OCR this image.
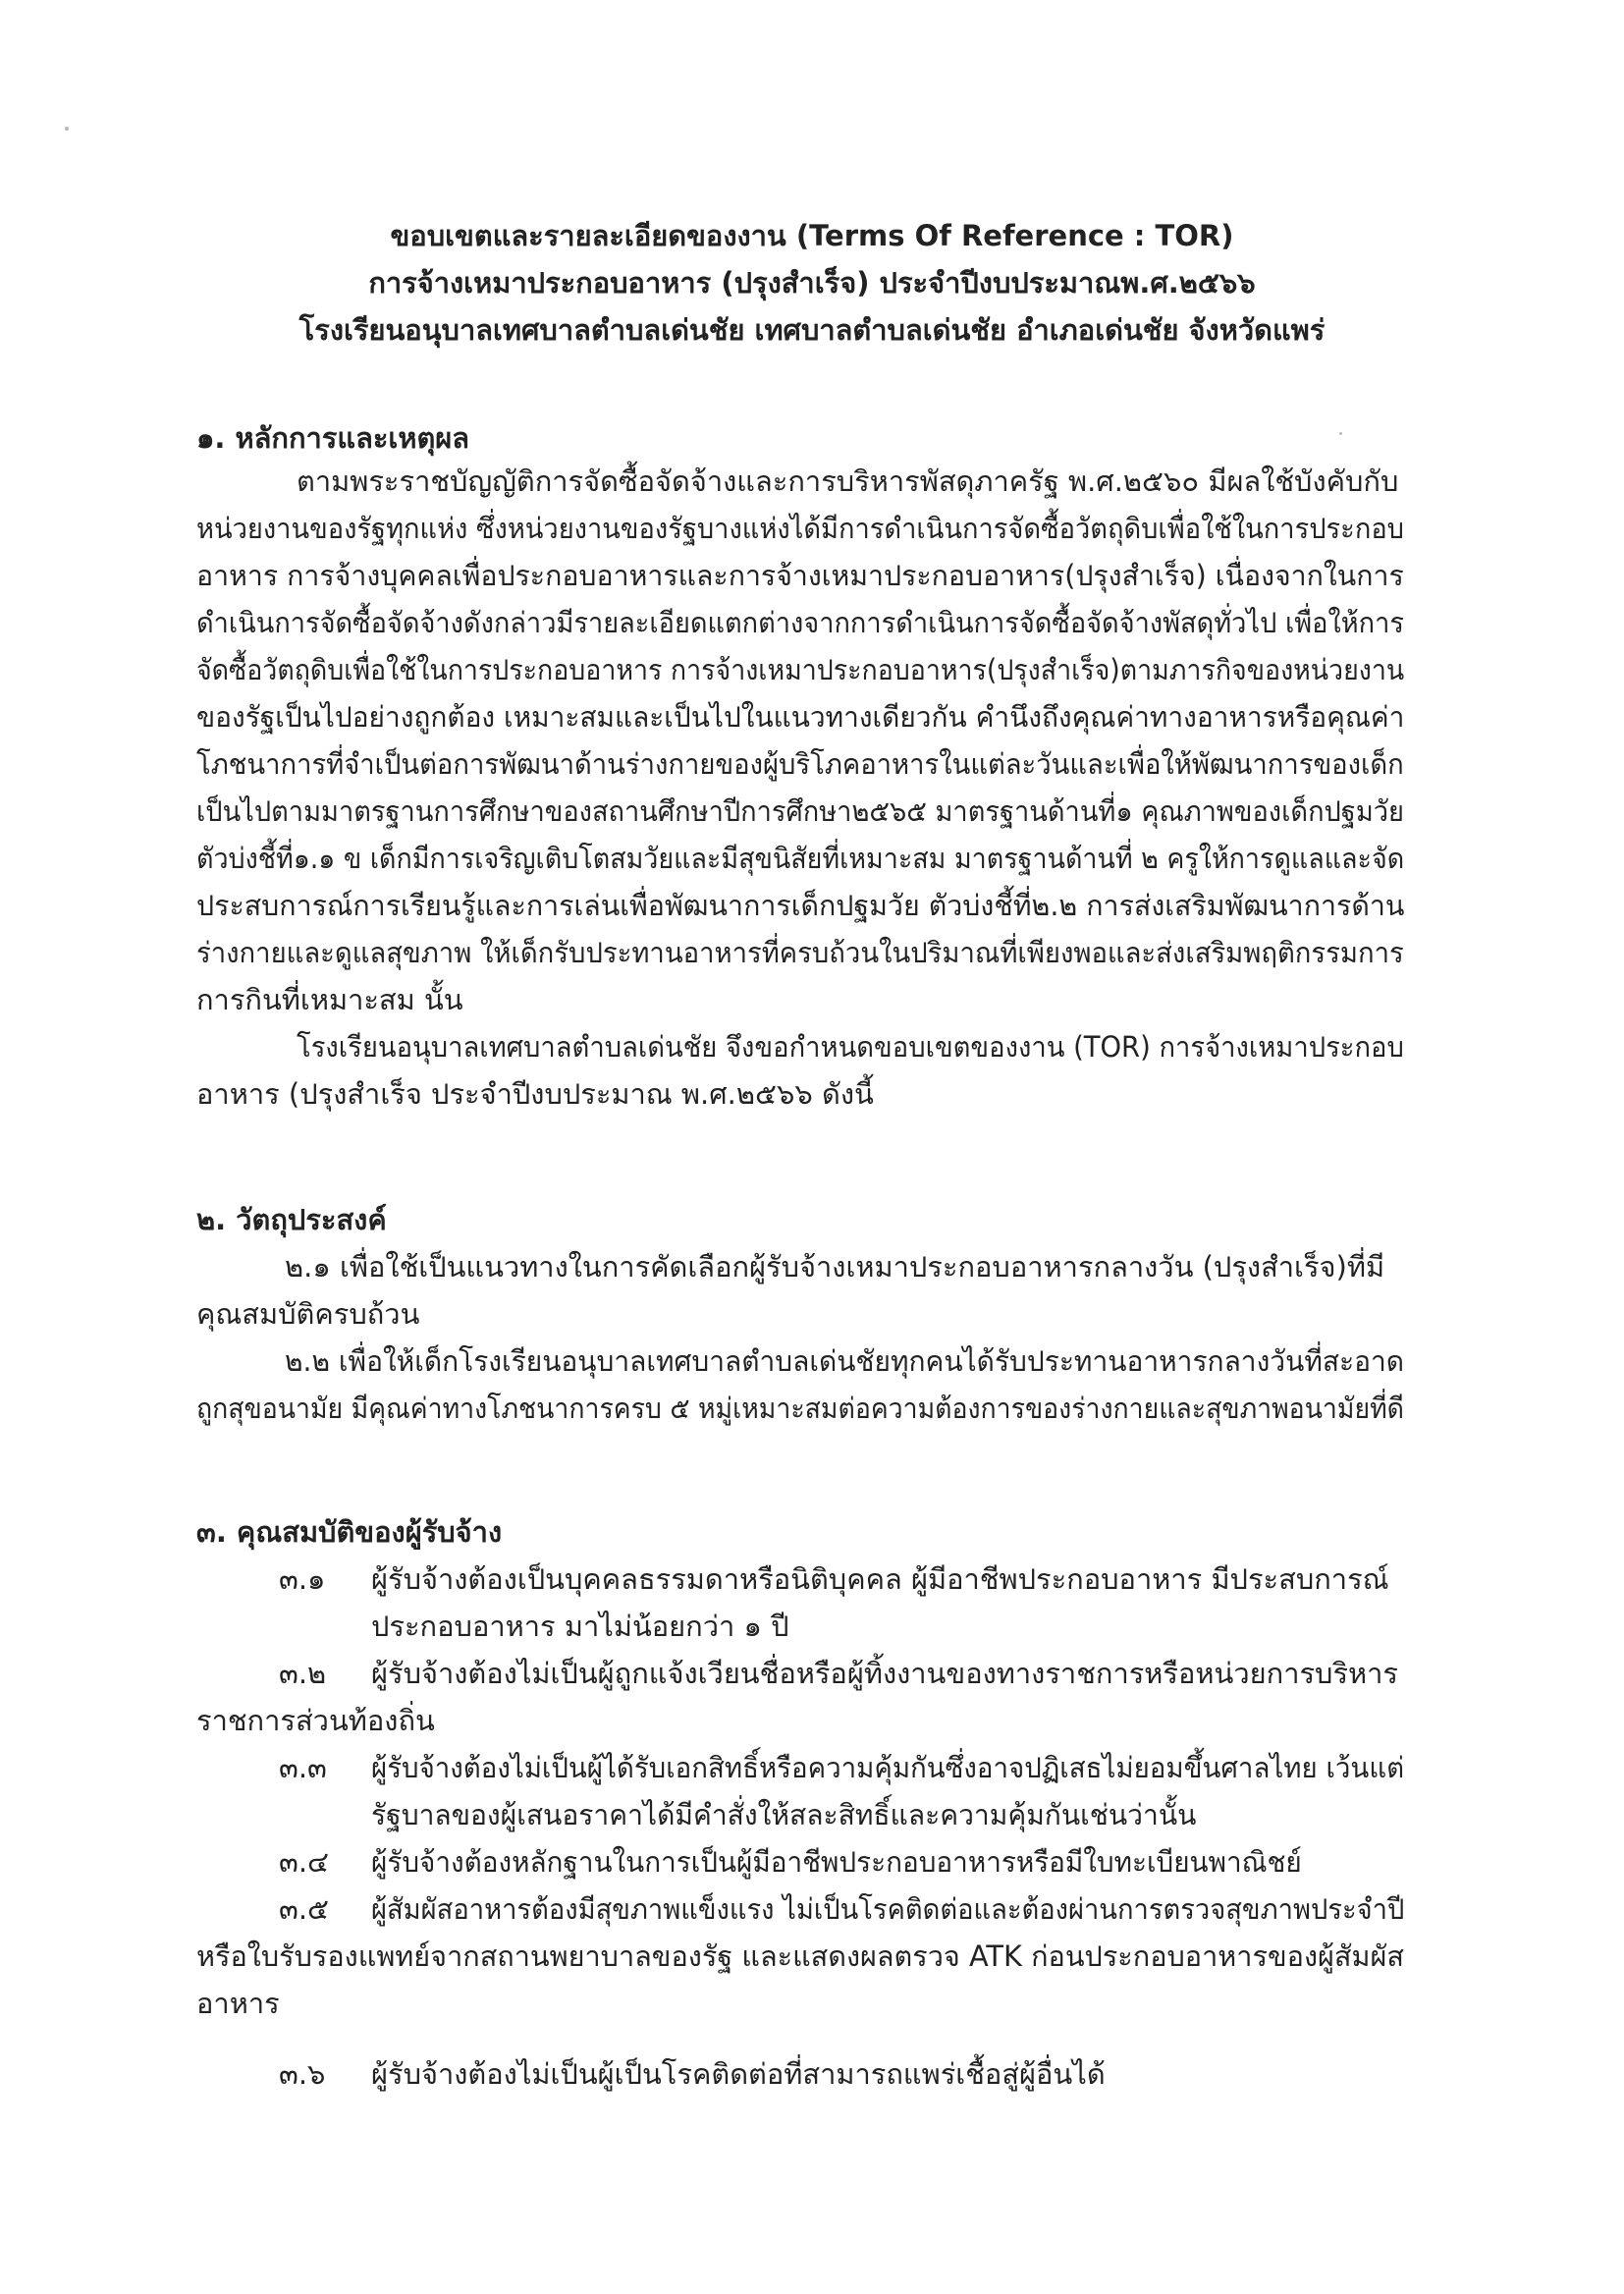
ขอบเขตและรายละเอียดของงาน (Terms Of Reference : TOR)
การจ้างเหมาประกอบอาหาร (ปรุงสำเร็จ) ประจำปีงบประมาณพ.ศ.๒๕๖๖
โรงเรียนอนุบาลเทศบาลตำบลเด่นชัย เทศบาลตำบลเด่นชัย อำเภอเด่นชัย จังหวัดแพร่
๑. หลักการและเหตุผล
ตามพระราชบัญญัติการจัดซื้อจัดจ้างและการบริหารพัสดุภาครัฐ พ.ศ.๒๕๖๐ มีผลใช้บังคับกับ
หน่วยงานของรัฐทุกแห่ง ซึ่งหน่วยงานของรัฐบางแห่งได้มีการดำเนินการจัดซื้อวัตถุดิบเพื่อใช้ในการประกอบ
อาหาร การจ้างบุคคลเพื่อประกอบอาหารและการจ้างเหมาประกอบอาหาร(ปรุงสำเร็จ) เนื่องจากในการ
ดำเนินการจัดซื้อจัดจ้างดังกล่าวมีรายละเอียดแตกต่างจากการดำเนินการจัดซื้อจัดจ้างพัสดุทั่วไป เพื่อให้การ
จัดซื้อวัตถุดิบเพื่อใช้ในการประกอบอาหาร การจ้างเหมาประกอบอาหาร(ปรุงสำเร็จ)ตามภารกิจของหน่วยงาน
ของรัฐเป็นไปอย่างถูกต้อง เหมาะสมและเป็นไปในแนวทางเดียวกัน คำนึงถึงคุณค่าทางอาหารหรือคุณค่า
โภชนาการที่จำเป็นต่อการพัฒนาด้านร่างกายของผู้บริโภคอาหารในแต่ละวันและเพื่อให้พัฒนาการของเด็ก
เป็นไปตามมาตรฐานการศึกษาของสถานศึกษาปีการศึกษา๒๕๖๕ มาตรฐานด้านที่๑ คุณภาพของเด็กปฐมวัย
ตัวบ่งชี้ที่๑.๑ ข เด็กมีการเจริญเติบโตสมวัยและมีสุขนิสัยที่เหมาะสม มาตรฐานด้านที่ ๒ ครูให้การดูแลและจัด
ประสบการณ์การเรียนรู้และการเล่นเพื่อพัฒนาการเด็กปฐมวัย ตัวบ่งชี้ที่๒.๒ การส่งเสริมพัฒนาการด้าน
ร่างกายและดูแลสุขภาพ ให้เด็กรับประทานอาหารที่ครบถ้วนในปริมาณที่เพียงพอและส่งเสริมพฤติกรรมการ
การกินที่เหมาะสม นั้น
โรงเรียนอนุบาลเทศบาลตำบลเด่นชัย จึงขอกำหนดขอบเขตของงาน (TOR) การจ้างเหมาประกอบ
อาหาร (ปรุงสำเร็จ ประจำปีงบประมาณ พ.ศ.๒๕๖๖ ดังนี้
๒. วัตถุประสงค์
๒.๑ เพื่อใช้เป็นแนวทางในการคัดเลือกผู้รับจ้างเหมาประกอบอาหารกลางวัน (ปรุงสำเร็จ)ที่มี
คุณสมบัติครบถ้วน
๒.๒ เพื่อให้เด็กโรงเรียนอนุบาลเทศบาลตำบลเด่นชัยทุกคนได้รับประทานอาหารกลางวันที่สะอาด
ถูกสุขอนามัย มีคุณค่าทางโภชนาการครบ ๕ หมู่เหมาะสมต่อความต้องการของร่างกายและสุขภาพอนามัยที่ดี
๓. คุณสมบัติของผู้รับจ้าง
๓.๑ ผู้รับจ้างต้องเป็นบุคคลธรรมดาหรือนิติบุคคล ผู้มีอาชีพประกอบอาหาร มีประสบการณ์
ประกอบอาหาร มาไม่น้อยกว่า ๑ ปี
๓.๒ ผู้รับจ้างต้องไม่เป็นผู้ถูกแจ้งเวียนชื่อหรือผู้ทิ้งงานของทางราชการหรือหน่วยการบริหาร
ราชการส่วนท้องถิ่น
๓.๓ ผู้รับจ้างต้องไม่เป็นผู้ได้รับเอกสิทธิ์หรือความคุ้มกันซึ่งอาจปฏิเสธไม่ยอมขึ้นศาลไทย เว้นแต่
รัฐบาลของผู้เสนอราคาได้มีคำสั่งให้สละสิทธิ์และความคุ้มกันเช่นว่านั้น
๓.๔ ผู้รับจ้างต้องหลักฐานในการเป็นผู้มีอาชีพประกอบอาหารหรือมีใบทะเบียนพาณิชย์
๓.๕ ผู้สัมผัสอาหารต้องมีสุขภาพแข็งแรง ไม่เป็นโรคติดต่อและต้องผ่านการตรวจสุขภาพประจำปี
หรือใบรับรองแพทย์จากสถานพยาบาลของรัฐ และแสดงผลตรวจ ATK ก่อนประกอบอาหารของผู้สัมผัส
อาหาร
๓.๖ ผู้รับจ้างต้องไม่เป็นผู้เป็นโรคติดต่อที่สามารถแพร่เชื้อสู่ผู้อื่นได้
